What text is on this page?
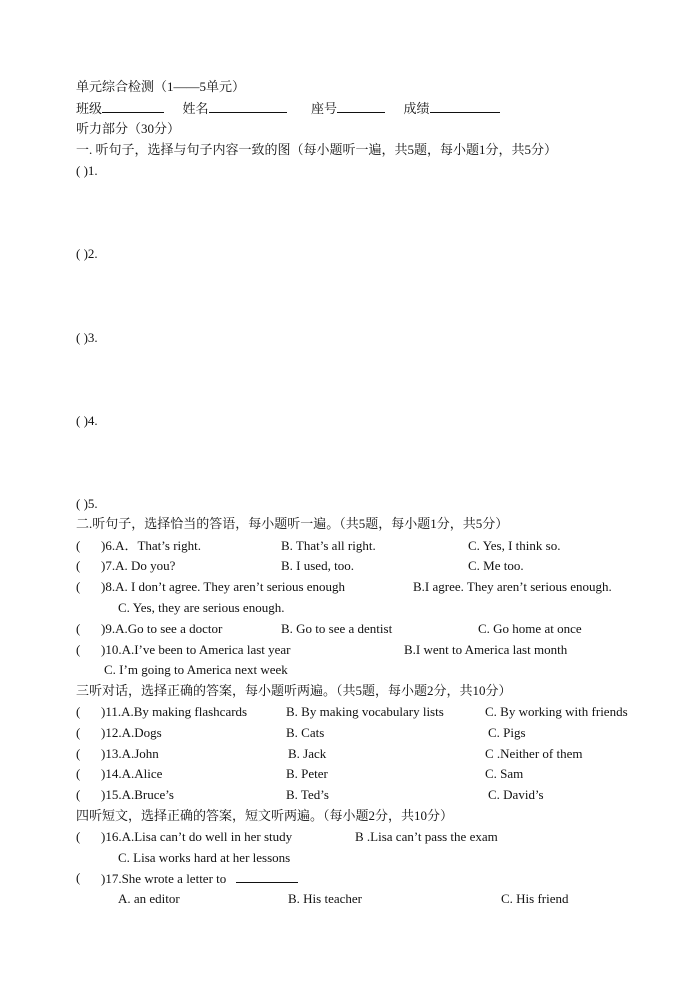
单元综合检测（1——5单元）
班级	姓名	座号	成绩
听力部分（30分）
一. 听句子，选择与句子内容一致的图（每小题听一遍，共5题，每小题1分，共5分）
( )1.
( )2.
( )3.
( )4.
( )5.
二.听句子，选择恰当的答语，每小题听一遍。（共5题，每小题1分，共5分）
( )6.A．That’s right.	B. That’s all right.	C. Yes, I think so.
( )7.A. Do you?	B. I used, too.	C. Me too.
( )8.A. I don’t agree. They aren’t serious enough	B.I agree. They aren’t serious enough.
C. Yes, they are serious enough.
( )9.A.Go to see a doctor	B. Go to see a dentist	C. Go home at once
( )10.A.I’ve been to America last year	B.I went to America last month
C. I’m going to America next week
三听对话，选择正确的答案，每小题听两遍。（共5题，每小题2分，共10分）
( )11.A.By making flashcards	B. By making vocabulary lists	C. By working with friends
( )12.A.Dogs	B. Cats	C. Pigs
( )13.A.John	B. Jack	C .Neither of them
( )14.A.Alice	B. Peter	C. Sam
( )15.A.Bruce’s	B. Ted’s	C. David’s
四听短文，选择正确的答案，短文听两遍。（每小题2分，共10分）
( )16.A.Lisa can’t do well in her study	B .Lisa can’t pass the exam
C. Lisa works hard at her lessons
( )17.She wrote a letter to
A. an editor	B. His teacher	C. His friend
